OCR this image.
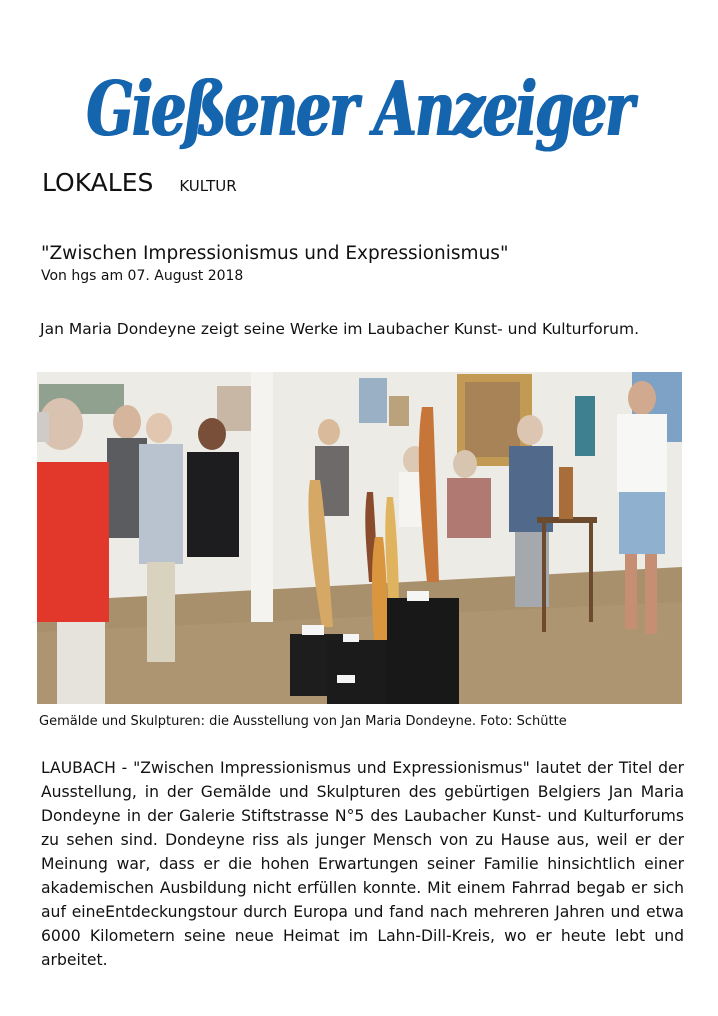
Gießener Anzeiger
LOKALES KULTUR
"Zwischen Impressionismus und Expressionismus"
Von hgs am 07. August 2018
Jan Maria Dondeyne zeigt seine Werke im Laubacher Kunst- und Kulturforum.
Gemälde und Skulpturen: die Ausstellung von Jan Maria Dondeyne. Foto: Schütte
LAUBACH - "Zwischen Impressionismus und Expressionismus" lautet der Titel der Ausstellung, in der Gemälde und Skulpturen des gebürtigen Belgiers Jan Maria Dondeyne in der Galerie Stiftstrasse N°5 des Laubacher Kunst- und Kulturforums zu sehen sind. Dondeyne riss als junger Mensch von zu Hause aus, weil er der Meinung war, dass er die hohen Erwartungen seiner Familie hinsichtlich einer akademischen Ausbildung nicht erfüllen konnte. Mit einem Fahrrad begab er sich auf eineEntdeckungstour durch Europa und fand nach mehreren Jahren und etwa 6000 Kilometern seine neue Heimat im Lahn-Dill-Kreis, wo er heute lebt und arbeitet.
